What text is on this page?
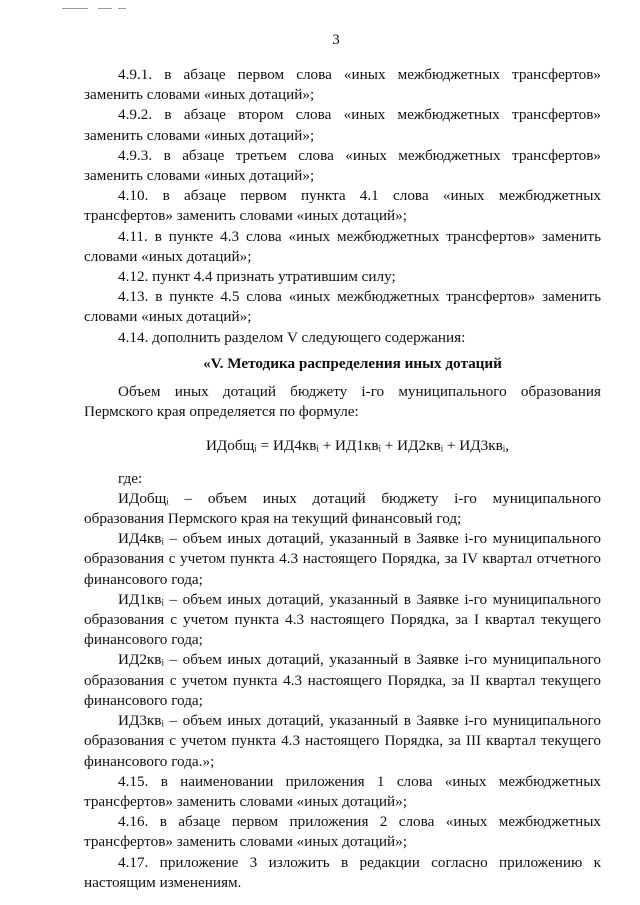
3

4.9.1. в абзаце первом слова «иных межбюджетных трансфертов» заменить словами «иных дотаций»;

4.9.2. в абзаце втором слова «иных межбюджетных трансфертов» заменить словами «иных дотаций»;

4.9.3. в абзаце третьем слова «иных межбюджетных трансфертов» заменить словами «иных дотаций»;

4.10. в абзаце первом пункта 4.1 слова «иных межбюджетных трансфертов» заменить словами «иных дотаций»;

4.11. в пункте 4.3 слова «иных межбюджетных трансфертов» заменить словами «иных дотаций»;

4.12. пункт 4.4 признать утратившим силу;

4.13. в пункте 4.5 слова «иных межбюджетных трансфертов» заменить словами «иных дотаций»;

4.14. дополнить разделом V следующего содержания:

«V. Методика распределения иных дотаций

Объем иных дотаций бюджету i-го муниципального образования Пермского края определяется по формуле:

ИДобщᵢ = ИД4квᵢ + ИД1квᵢ + ИД2квᵢ + ИД3квᵢ,

где:

ИДобщᵢ – объем иных дотаций бюджету i-го муниципального образования Пермского края на текущий финансовый год;

ИД4квᵢ – объем иных дотаций, указанный в Заявке i-го муниципального образования с учетом пункта 4.3 настоящего Порядка, за IV квартал отчетного финансового года;

ИД1квᵢ – объем иных дотаций, указанный в Заявке i-го муниципального образования с учетом пункта 4.3 настоящего Порядка, за I квартал текущего финансового года;

ИД2квᵢ – объем иных дотаций, указанный в Заявке i-го муниципального образования с учетом пункта 4.3 настоящего Порядка, за II квартал текущего финансового года;

ИД3квᵢ – объем иных дотаций, указанный в Заявке i-го муниципального образования с учетом пункта 4.3 настоящего Порядка, за III квартал текущего финансового года.»;

4.15. в наименовании приложения 1 слова «иных межбюджетных трансфертов» заменить словами «иных дотаций»;

4.16. в абзаце первом приложения 2 слова «иных межбюджетных трансфертов» заменить словами «иных дотаций»;

4.17. приложение 3 изложить в редакции согласно приложению к настоящим изменениям.
